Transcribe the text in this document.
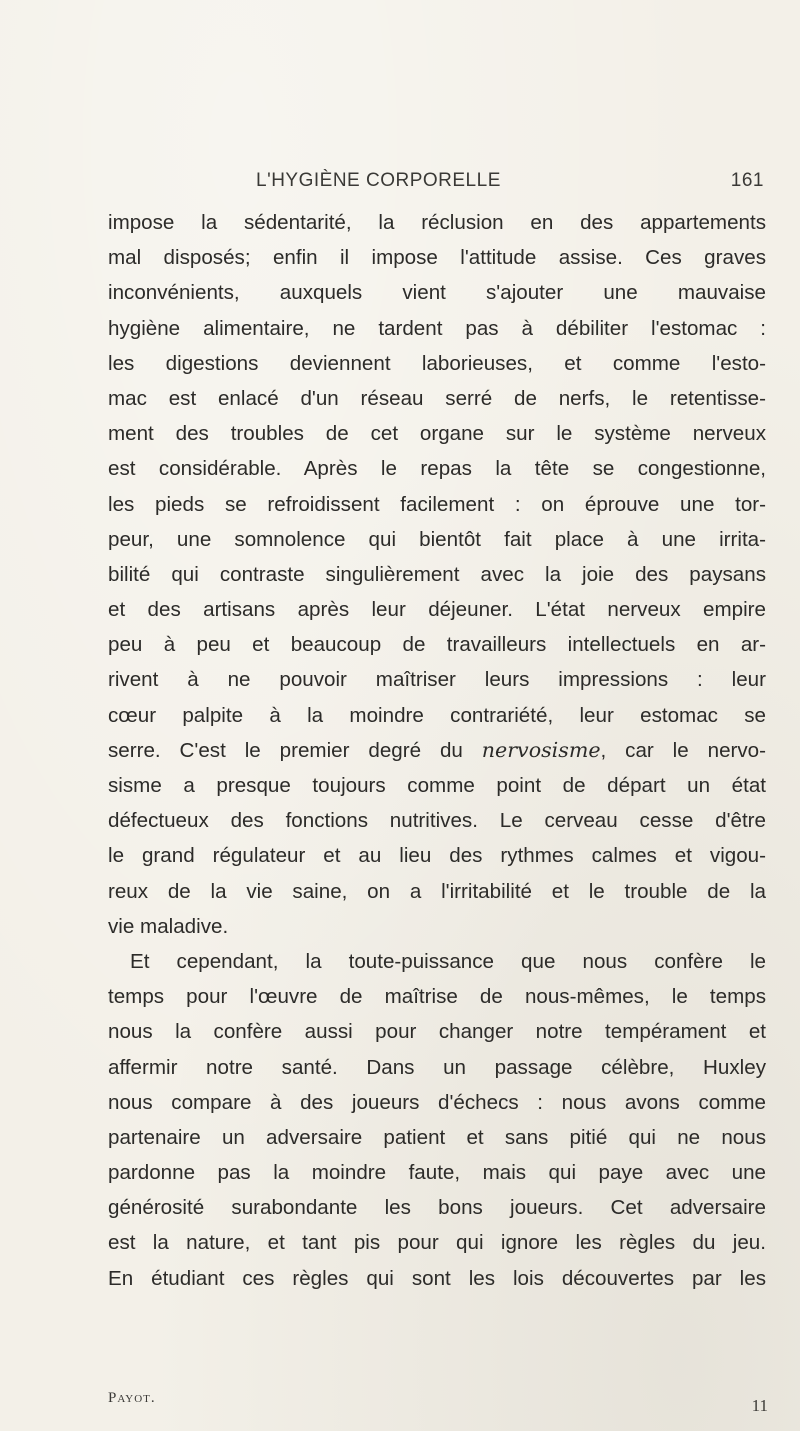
L'HYGIÈNE CORPORELLE	161
impose la sédentarité, la réclusion en des appartements
mal disposés; enfin il impose l'attitude assise. Ces graves
inconvénients, auxquels vient s'ajouter une mauvaise
hygiène alimentaire, ne tardent pas à débiliter l'estomac :
les digestions deviennent laborieuses, et comme l'esto-
mac est enlacé d'un réseau serré de nerfs, le retentisse-
ment des troubles de cet organe sur le système nerveux
est considérable. Après le repas la tête se congestionne,
les pieds se refroidissent facilement : on éprouve une tor-
peur, une somnolence qui bientôt fait place à une irrita-
bilité qui contraste singulièrement avec la joie des paysans
et des artisans après leur déjeuner. L'état nerveux empire
peu à peu et beaucoup de travailleurs intellectuels en ar-
rivent à ne pouvoir maîtriser leurs impressions : leur
cœur palpite à la moindre contrariété, leur estomac se
serre. C'est le premier degré du nervosisme, car le nervo-
sisme a presque toujours comme point de départ un état
défectueux des fonctions nutritives. Le cerveau cesse d'être
le grand régulateur et au lieu des rythmes calmes et vigou-
reux de la vie saine, on a l'irritabilité et le trouble de la
vie maladive.
Et cependant, la toute-puissance que nous confère le
temps pour l'œuvre de maîtrise de nous-mêmes, le temps
nous la confère aussi pour changer notre tempérament et
affermir notre santé. Dans un passage célèbre, Huxley
nous compare à des joueurs d'échecs : nous avons comme
partenaire un adversaire patient et sans pitié qui ne nous
pardonne pas la moindre faute, mais qui paye avec une
générosité surabondante les bons joueurs. Cet adversaire
est la nature, et tant pis pour qui ignore les règles du jeu.
En étudiant ces règles qui sont les lois découvertes par les
Payot.	11
